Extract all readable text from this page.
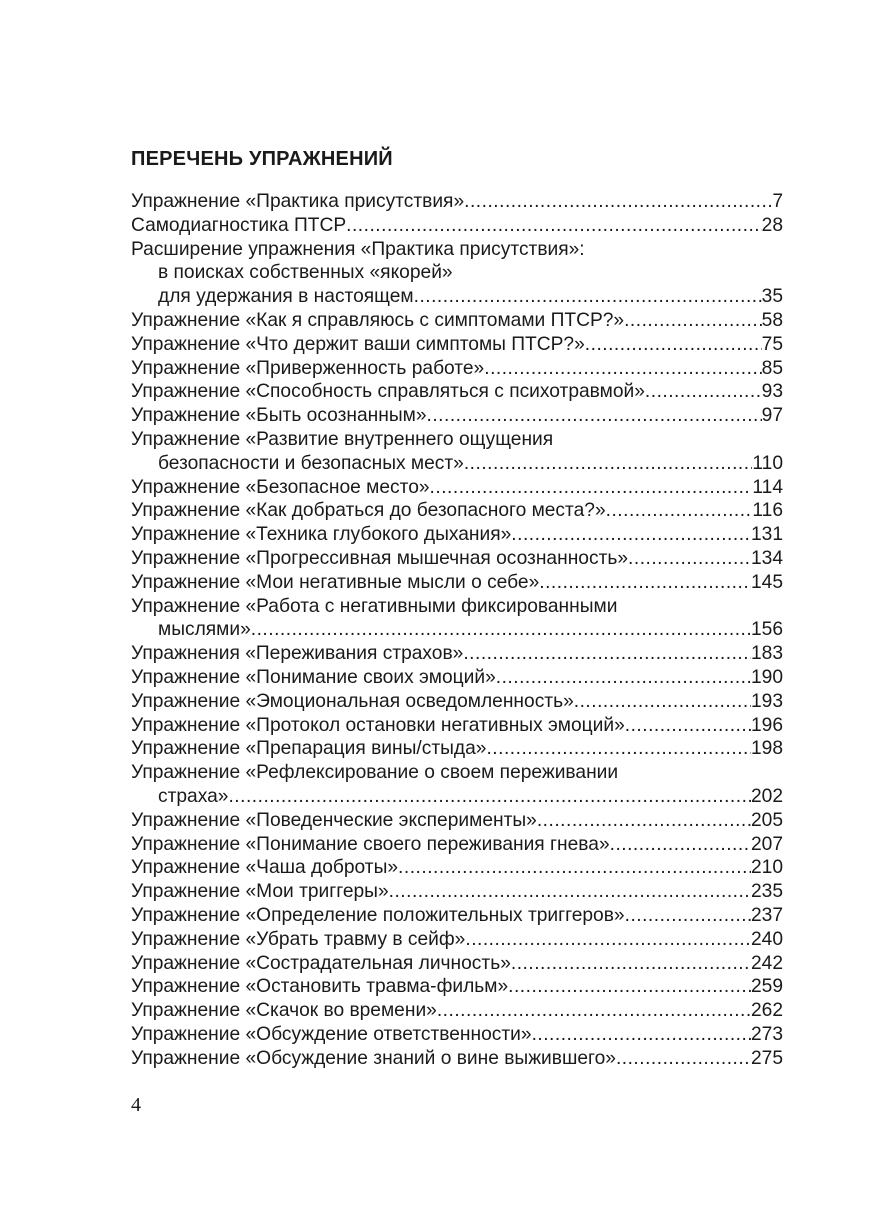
ПЕРЕЧЕНЬ УПРАЖНЕНИЙ
Упражнение «Практика присутствия» .....	7
Самодиагностика ПТСР .....	28
Расширение упражнения «Практика присутствия»:
в поисках собственных «якорей»
для удержания в настоящем .....	35
Упражнение «Как я справляюсь с симптомами ПТСР?» .....	58
Упражнение «Что держит ваши симптомы ПТСР?» .....	75
Упражнение «Приверженность работе» .....	85
Упражнение «Способность справляться с психотравмой» .....	93
Упражнение «Быть осознанным» .....	97
Упражнение «Развитие внутреннего ощущения
безопасности и безопасных мест» .....	110
Упражнение «Безопасное место» .....	114
Упражнение «Как добраться до безопасного места?» .....	116
Упражнение «Техника глубокого дыхания» .....	131
Упражнение «Прогрессивная мышечная осознанность» .....	134
Упражнение «Мои негативные мысли о себе» .....	145
Упражнение «Работа с негативными фиксированными
мыслями» .....	156
Упражнения «Переживания страхов» .....	183
Упражнение «Понимание своих эмоций» .....	190
Упражнение «Эмоциональная осведомленность» .....	193
Упражнение «Протокол остановки негативных эмоций» .....	196
Упражнение «Препарация вины/стыда» .....	198
Упражнение «Рефлексирование о своем переживании
страха» .....	202
Упражнение «Поведенческие эксперименты» .....	205
Упражнение «Понимание своего переживания гнева» .....	207
Упражнение «Чаша доброты» .....	210
Упражнение «Мои триггеры» .....	235
Упражнение «Определение положительных триггеров» .....	237
Упражнение «Убрать травму в сейф» .....	240
Упражнение «Сострадательная личность» .....	242
Упражнение «Остановить травма-фильм» .....	259
Упражнение «Скачок во времени» .....	262
Упражнение «Обсуждение ответственности» .....	273
Упражнение «Обсуждение знаний о вине выжившего» .....	275
4
